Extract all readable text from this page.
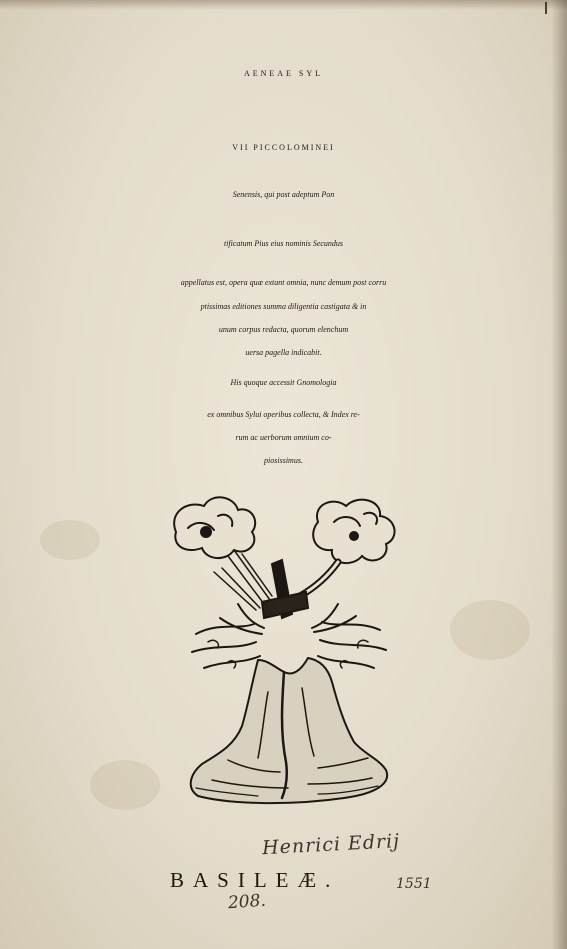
AENEAE SYL
VII PICCOLOMINEI
Senensis, qui post adeptum Pon
tificatum Pius eius nominis Secundus
appellatus est, opera quæ extant omnia, nunc demum post corru
ptissimas editiones summa diligentia castigata & in
unum corpus redacta, quorum elenchum
uersa pagella indicabit.
His quoque accessit Gnomologia
ex omnibus Sylui operibus collecta, & Index re-
rum ac uerborum omnium co-
piosissimus.
Henrici Edrij
BASILEÆ.	1551
208.
